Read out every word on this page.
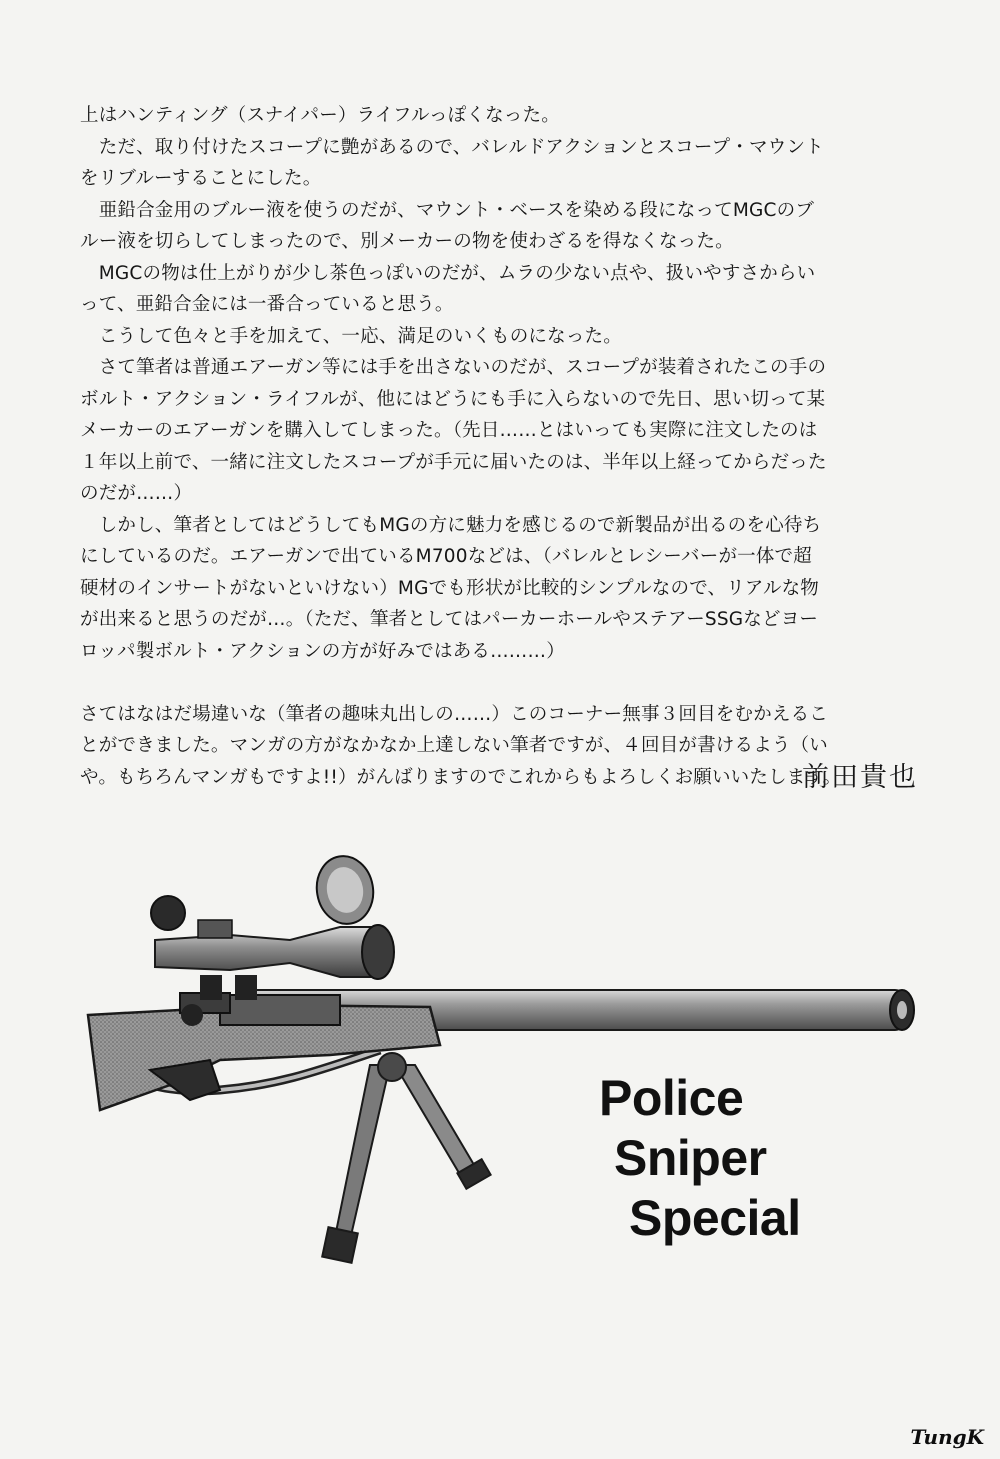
上はハンティング（スナイパー）ライフルっぽくなった。

　ただ、取り付けたスコープに艶があるので、バレルドアクションとスコープ・マウント

をリブルーすることにした。

　亜鉛合金用のブルー液を使うのだが、マウント・ベースを染める段になってMGCのブ

ルー液を切らしてしまったので、別メーカーの物を使わざるを得なくなった。

　MGCの物は仕上がりが少し茶色っぽいのだが、ムラの少ない点や、扱いやすさからい

って、亜鉛合金には一番合っていると思う。

　こうして色々と手を加えて、一応、満足のいくものになった。

　さて筆者は普通エアーガン等には手を出さないのだが、スコープが装着されたこの手の

ボルト・アクション・ライフルが、他にはどうにも手に入らないので先日、思い切って某

メーカーのエアーガンを購入してしまった。（先日……とはいっても実際に注文したのは

１年以上前で、一緒に注文したスコープが手元に届いたのは、半年以上経ってからだった

のだが……）

　しかし、筆者としてはどうしてもMGの方に魅力を感じるので新製品が出るのを心待ち

にしているのだ。エアーガンで出ているM700などは、（バレルとレシーバーが一体で超

硬材のインサートがないといけない）MGでも形状が比較的シンプルなので、リアルな物

が出来ると思うのだが…。（ただ、筆者としてはパーカーホールやステアーSSGなどヨー

ロッパ製ボルト・アクションの方が好みではある………）

さてはなはだ場違いな（筆者の趣味丸出しの……）このコーナー無事３回目をむかえるこ

とができました。マンガの方がなかなか上達しない筆者ですが、４回目が書けるよう（い

や。もちろんマンガもですよ!!）がんばりますのでこれからもよろしくお願いいたします。

前田貴也
Police
Sniper
Special
TungK
